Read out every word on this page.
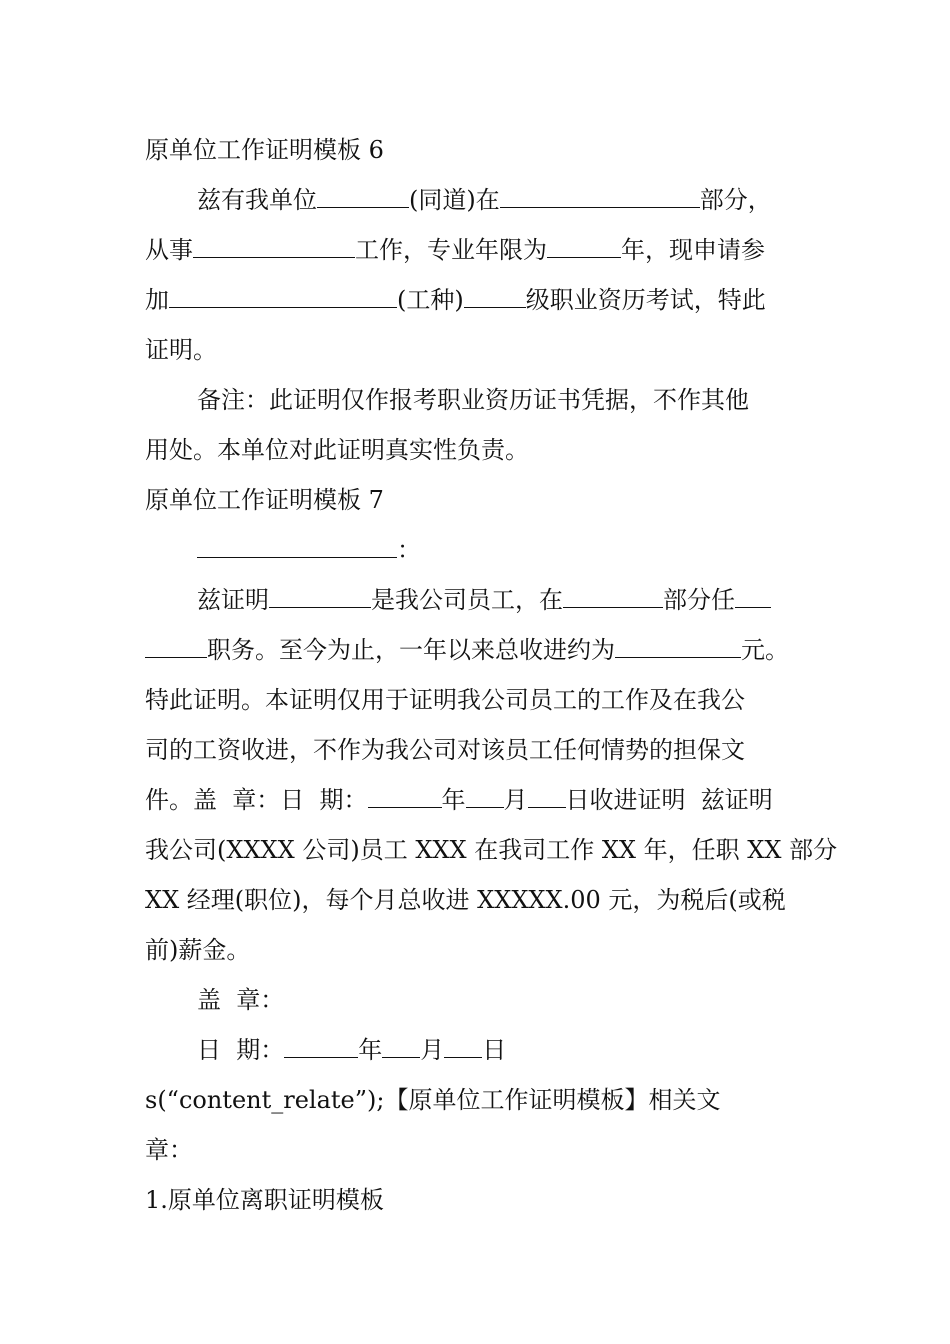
原单位工作证明模板 6
兹有我单位	(同道)在	部分，
从事	工作，专业年限为	年，现申请参
加	(工种)	级职业资历考试，特此
证明。
备注：此证明仅作报考职业资历证书凭据，不作其他
用处。本单位对此证明真实性负责。
原单位工作证明模板 7
：
兹证明	是我公司员工，在	部分任
职务。至今为止，一年以来总收进约为	元。
特此证明。本证明仅用于证明我公司员工的工作及在我公
司的工资收进，不作为我公司对该员工任何情势的担保文
件。盖  章：日  期：	年 月 日收进证明  兹证明
我公司(XXXX 公司)员工 XXX 在我司工作 XX 年，任职 XX 部分
XX 经理(职位)，每个月总收进 XXXXX.00 元，为税后(或税
前)薪金。
盖  章：
日  期：	年 月 日
s(“content_relate”);【原单位工作证明模板】相关文
章：
1.原单位离职证明模板
